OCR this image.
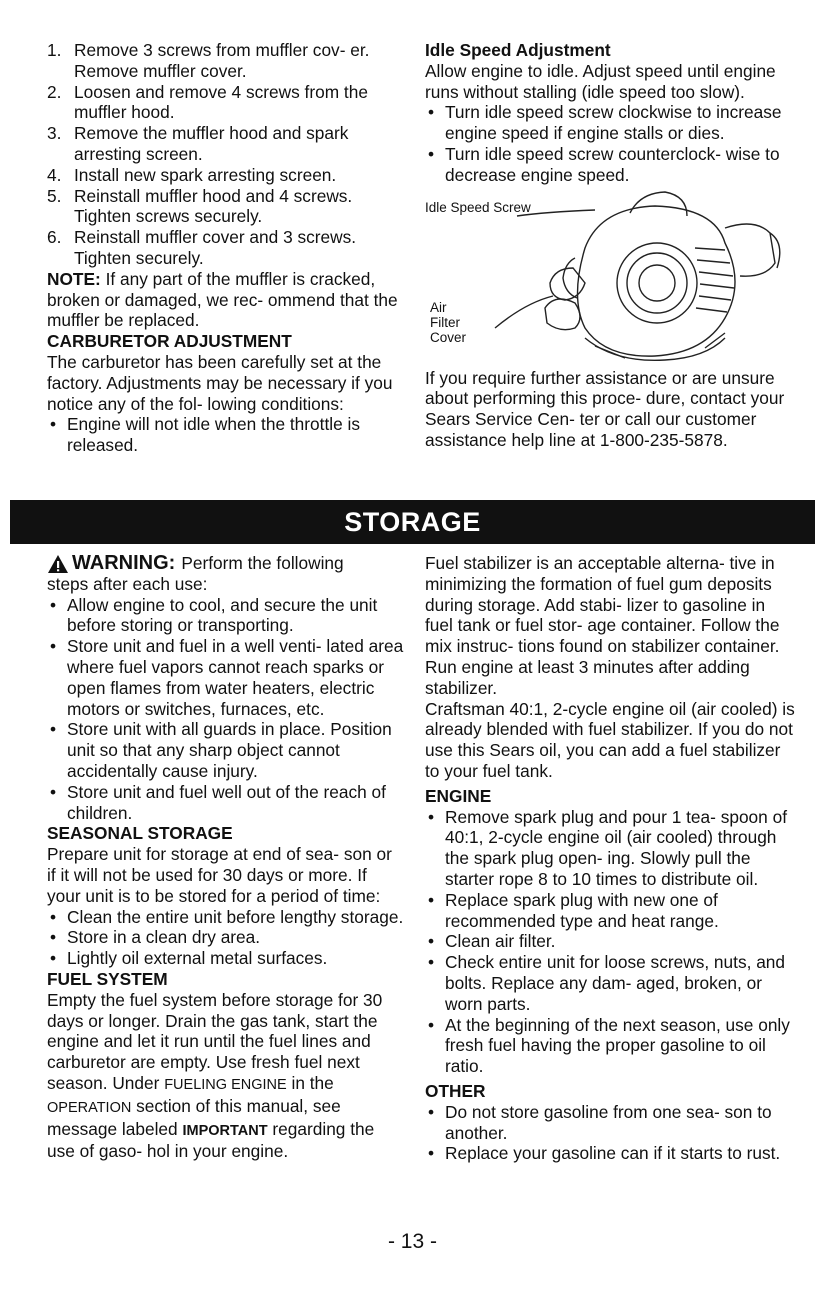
1. Remove 3 screws from muffler cov- er. Remove muffler cover.
2. Loosen and remove 4 screws from the muffler hood.
3. Remove the muffler hood and spark arresting screen.
4. Install new spark arresting screen.
5. Reinstall muffler hood and 4 screws. Tighten screws securely.
6. Reinstall muffler cover and 3 screws. Tighten securely.
NOTE: If any part of the muffler is cracked, broken or damaged, we rec- ommend that the muffler be replaced.
CARBURETOR ADJUSTMENT
The carburetor has been carefully set at the factory. Adjustments may be necessary if you notice any of the fol- lowing conditions:
• Engine will not idle when the throttle is released.
Idle Speed Adjustment
Allow engine to idle. Adjust speed until engine runs without stalling (idle speed too slow).
• Turn idle speed screw clockwise to increase engine speed if engine stalls or dies.
• Turn idle speed screw counterclock- wise to decrease engine speed.
Idle Speed Screw
Air
Filter
Cover
If you require further assistance or are unsure about performing this proce- dure, contact your Sears Service Cen- ter or call our customer assistance help line at 1-800-235-5878.
STORAGE
WARNING: Perform the following
steps after each use:
• Allow engine to cool, and secure the unit before storing or transporting.
• Store unit and fuel in a well venti- lated area where fuel vapors cannot reach sparks or open flames from water heaters, electric motors or switches, furnaces, etc.
• Store unit with all guards in place. Position unit so that any sharp object cannot accidentally cause injury.
• Store unit and fuel well out of the reach of children.
SEASONAL STORAGE
Prepare unit for storage at end of sea- son or if it will not be used for 30 days or more. If your unit is to be stored for a period of time:
• Clean the entire unit before lengthy storage.
• Store in a clean dry area.
• Lightly oil external metal surfaces.
FUEL SYSTEM
Empty the fuel system before storage for 30 days or longer. Drain the gas tank, start the engine and let it run until the fuel lines and carburetor are empty. Use fresh fuel next season. Under FUELING ENGINE in the OPERATION section of this manual, see message labeled IMPORTANT regarding the use of gaso- hol in your engine.
Fuel stabilizer is an acceptable alterna- tive in minimizing the formation of fuel gum deposits during storage. Add stabi- lizer to gasoline in fuel tank or fuel stor- age container. Follow the mix instruc- tions found on stabilizer container. Run engine at least 3 minutes after adding stabilizer.
Craftsman 40:1, 2-cycle engine oil (air cooled) is already blended with fuel stabilizer. If you do not use this Sears oil, you can add a fuel stabilizer to your fuel tank.
ENGINE
• Remove spark plug and pour 1 tea- spoon of 40:1, 2-cycle engine oil (air cooled) through the spark plug open- ing. Slowly pull the starter rope 8 to 10 times to distribute oil.
• Replace spark plug with new one of recommended type and heat range.
• Clean air filter.
• Check entire unit for loose screws, nuts, and bolts. Replace any dam- aged, broken, or worn parts.
• At the beginning of the next season, use only fresh fuel having the proper gasoline to oil ratio.
OTHER
• Do not store gasoline from one sea- son to another.
• Replace your gasoline can if it starts to rust.
- 13 -
